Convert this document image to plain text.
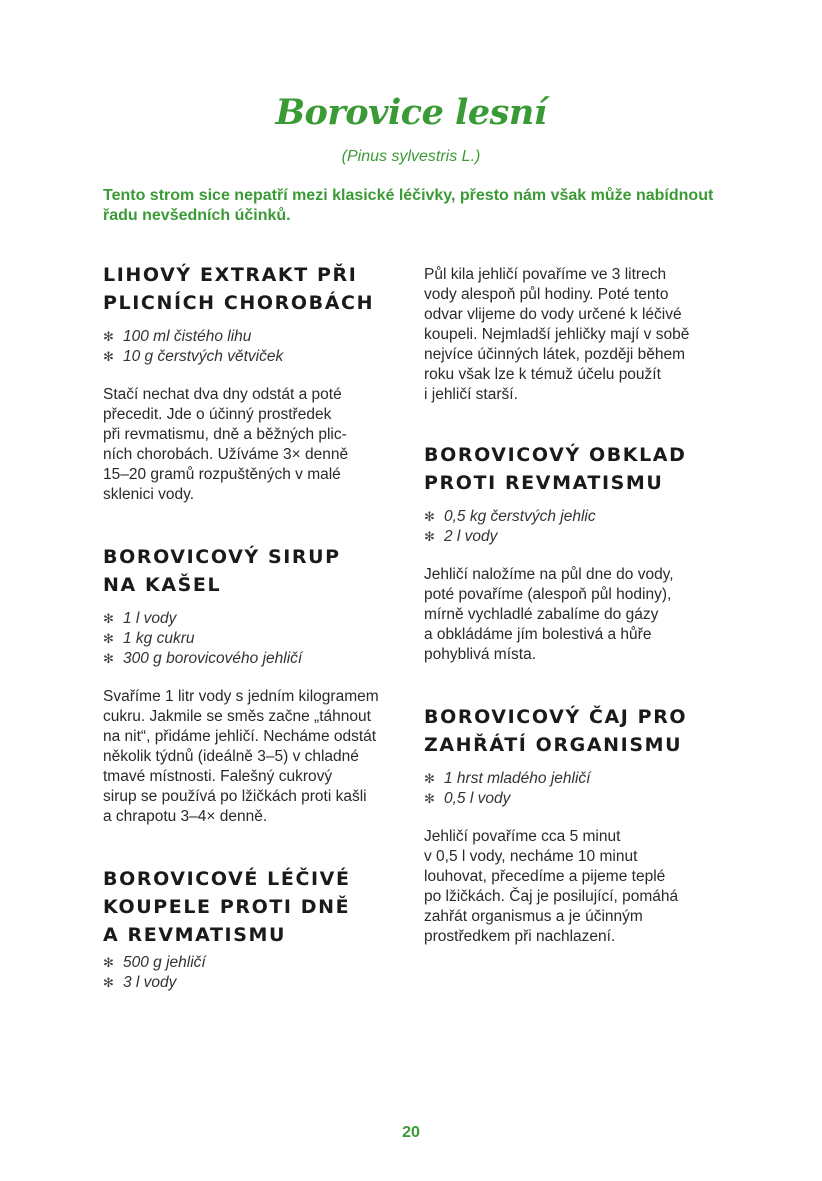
Borovice lesní
(Pinus sylvestris L.)
Tento strom sice nepatří mezi klasické léčivky, přesto nám však může nabídnout řadu nevšedních účinků.
LIHOVÝ EXTRAKT PŘI
PLICNÍCH CHOROBÁCH
✻ 100 ml čistého lihu
✻ 10 g čerstvých větviček
Stačí nechat dva dny odstát a poté
přecedit. Jde o účinný prostředek
při revmatismu, dně a běžných plic-
ních chorobách. Užíváme 3× denně
15–20 gramů rozpuštěných v malé
sklenici vody.
BOROVICOVÝ SIRUP
NA KAŠEL
✻ 1 l vody
✻ 1 kg cukru
✻ 300 g borovicového jehličí
Svaříme 1 litr vody s jedním kilogramem
cukru. Jakmile se směs začne „táhnout
na nit“, přidáme jehličí. Necháme odstát
několik týdnů (ideálně 3–5) v chladné
tmavé místnosti. Falešný cukrový
sirup se používá po lžičkách proti kašli
a chrapotu 3–4× denně.
BOROVICOVÉ LÉČIVÉ
KOUPELE PROTI DNĚ
A REVMATISMU
✻ 500 g jehličí
✻ 3 l vody
Půl kila jehličí povaříme ve 3 litrech
vody alespoň půl hodiny. Poté tento
odvar vlijeme do vody určené k léčivé
koupeli. Nejmladší jehličky mají v sobě
nejvíce účinných látek, později během
roku však lze k témuž účelu použít
i jehličí starší.
BOROVICOVÝ OBKLAD
PROTI REVMATISMU
✻ 0,5 kg čerstvých jehlic
✻ 2 l vody
Jehličí naložíme na půl dne do vody,
poté povaříme (alespoň půl hodiny),
mírně vychladlé zabalíme do gázy
a obkládáme jím bolestivá a hůře
pohyblivá místa.
BOROVICOVÝ ČAJ PRO
ZAHŘÁTÍ ORGANISMU
✻ 1 hrst mladého jehličí
✻ 0,5 l vody
Jehličí povaříme cca 5 minut
v 0,5 l vody, necháme 10 minut
louhovat, přecedíme a pijeme teplé
po lžičkách. Čaj je posilující, pomáhá
zahřát organismus a je účinným
prostředkem při nachlazení.
20
